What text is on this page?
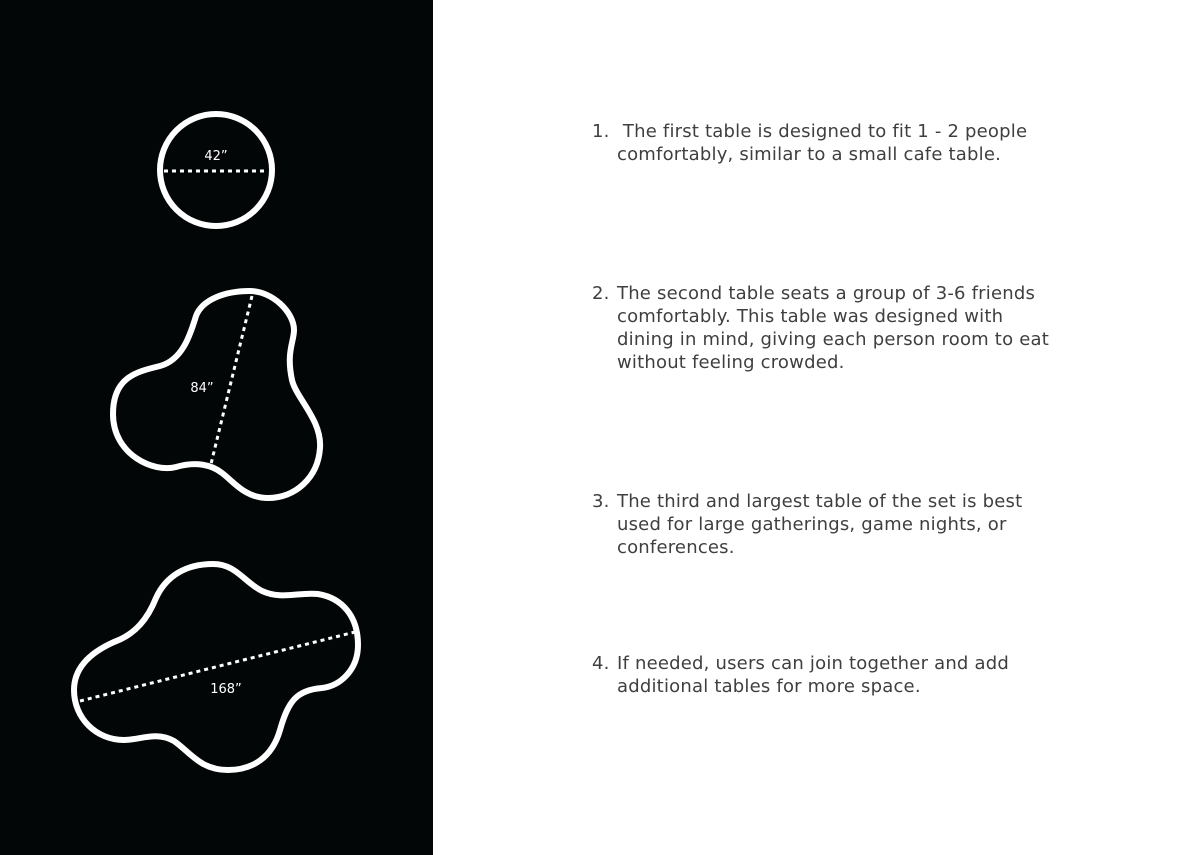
42”
84”
168”
1. The first table is designed to fit 1 - 2 people comfortably, similar to a small cafe table.
2. The second table seats a group of 3-6 friends comfortably. This table was designed with dining in mind, giving each person room to eat without feeling crowded.
3. The third and largest table of the set is best used for large gatherings, game nights, or conferences.
4. If needed, users can join together and add additional tables for more space.
